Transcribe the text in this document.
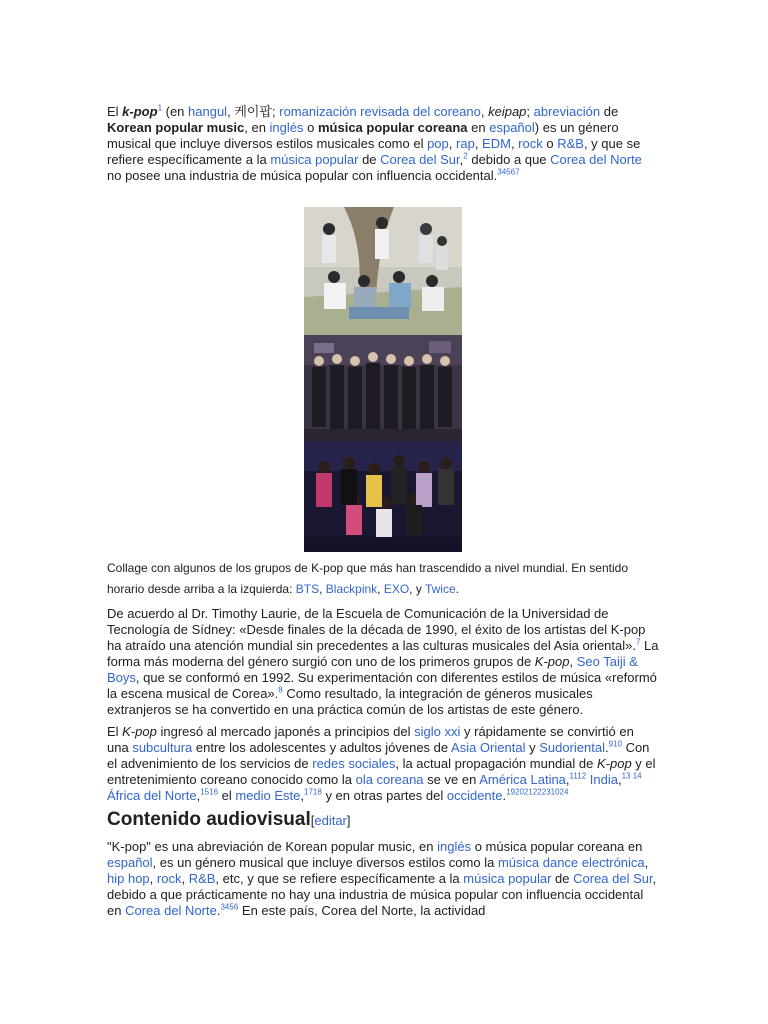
El k-pop$^1$ (en hangul, 케이팝; romanización revisada del coreano, keipap; abreviación de Korean popular music, en inglés o música popular coreana en español) es un género musical que incluye diversos estilos musicales como el pop, rap, EDM, rock o R&B, y que se refiere específicamente a la música popular de Corea del Sur,$^2$ debido a que Corea del Norte no posee una industria de música popular con influencia occidental.$^{34567}$

Collage con algunos de los grupos de K-pop que más han trascendido a nivel mundial. En sentido horario desde arriba a la izquierda: BTS, Blackpink, EXO, y Twice.

De acuerdo al Dr. Timothy Laurie, de la Escuela de Comunicación de la Universidad de Tecnología de Sídney: «Desde finales de la década de 1990, el éxito de los artistas del K-pop ha atraído una atención mundial sin precedentes a las culturas musicales del Asia oriental».$^7$ La forma más moderna del género surgió con uno de los primeros grupos de K-pop, Seo Taiji & Boys, que se conformó en 1992. Su experimentación con diferentes estilos de música «reformó la escena musical de Corea».$^8$ Como resultado, la integración de géneros musicales extranjeros se ha convertido en una práctica común de los artistas de este género.

El K-pop ingresó al mercado japonés a principios del siglo xxi y rápidamente se convirtió en una subcultura entre los adolescentes y adultos jóvenes de Asia Oriental y Sudoriental.$^{910}$ Con el advenimiento de los servicios de redes sociales, la actual propagación mundial de K-pop y el entretenimiento coreano conocido como la ola coreana se ve en América Latina,$^{1112}$ India,$^{13 14}$ África del Norte,$^{1516}$ el medio Este,$^{1718}$ y en otras partes del occidente.$^{19202122231024}$

Contenido audiovisual[editar]

"K-pop" es una abreviación de Korean popular music, en inglés o música popular coreana en español, es un género musical que incluye diversos estilos como la música dance electrónica, hip hop, rock, R&B, etc, y que se refiere específicamente a la música popular de Corea del Sur, debido a que prácticamente no hay una industria de música popular con influencia occidental en Corea del Norte.$^{3456}$ En este país, Corea del Norte, la actividad
